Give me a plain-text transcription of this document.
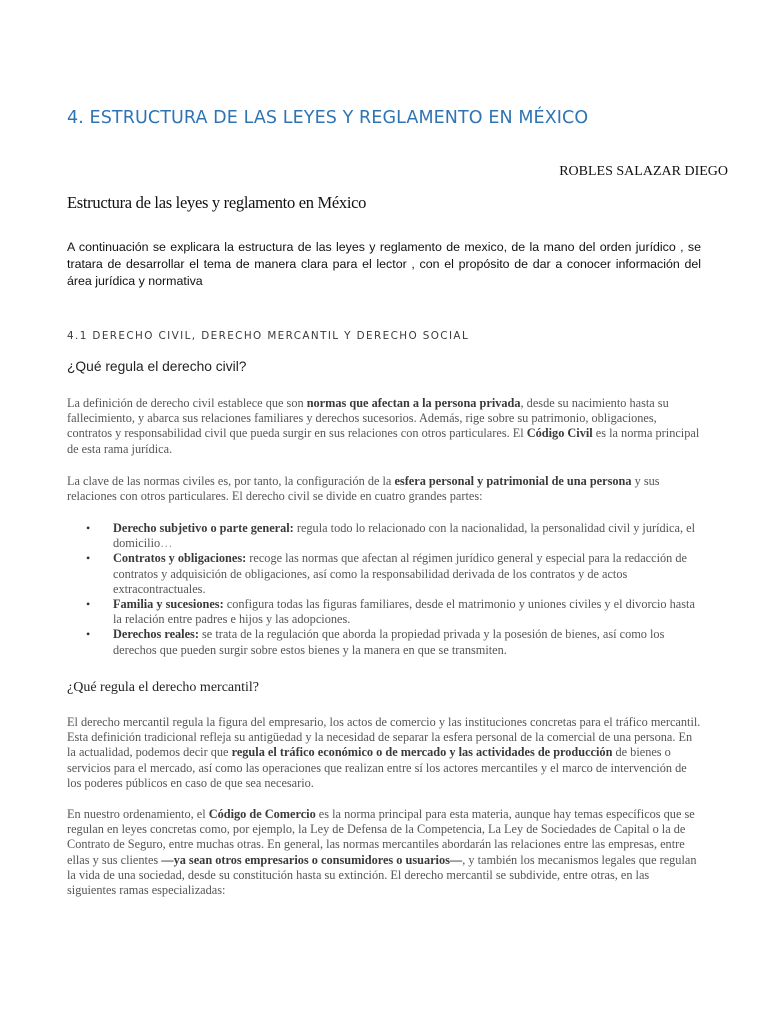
4. ESTRUCTURA DE LAS LEYES Y REGLAMENTO EN MÉXICO
ROBLES SALAZAR DIEGO
Estructura de las leyes y reglamento en México

A continuación se explicara la estructura de las leyes y reglamento de mexico, de la mano del orden jurídico , se tratara de desarrollar el tema de manera clara para el lector , con el propósito de dar a conocer información del área jurídica y normativa

4.1 DERECHO CIVIL, DERECHO MERCANTIL Y DERECHO SOCIAL
¿Qué regula el derecho civil?

La definición de derecho civil establece que son normas que afectan a la persona privada, desde su nacimiento hasta su fallecimiento, y abarca sus relaciones familiares y derechos sucesorios. Además, rige sobre su patrimonio, obligaciones, contratos y responsabilidad civil que pueda surgir en sus relaciones con otros particulares. El Código Civil es la norma principal de esta rama jurídica.

La clave de las normas civiles es, por tanto, la configuración de la esfera personal y patrimonial de una persona y sus relaciones con otros particulares. El derecho civil se divide en cuatro grandes partes:

• Derecho subjetivo o parte general: regula todo lo relacionado con la nacionalidad, la personalidad civil y jurídica, el domicilio…
• Contratos y obligaciones: recoge las normas que afectan al régimen jurídico general y especial para la redacción de contratos y adquisición de obligaciones, así como la responsabilidad derivada de los contratos y de actos extracontractuales.
• Familia y sucesiones: configura todas las figuras familiares, desde el matrimonio y uniones civiles y el divorcio hasta la relación entre padres e hijos y las adopciones.
• Derechos reales: se trata de la regulación que aborda la propiedad privada y la posesión de bienes, así como los derechos que pueden surgir sobre estos bienes y la manera en que se transmiten.
¿Qué regula el derecho mercantil?

El derecho mercantil regula la figura del empresario, los actos de comercio y las instituciones concretas para el tráfico mercantil. Esta definición tradicional refleja su antigüedad y la necesidad de separar la esfera personal de la comercial de una persona. En la actualidad, podemos decir que regula el tráfico económico o de mercado y las actividades de producción de bienes o servicios para el mercado, así como las operaciones que realizan entre sí los actores mercantiles y el marco de intervención de los poderes públicos en caso de que sea necesario.

En nuestro ordenamiento, el Código de Comercio es la norma principal para esta materia, aunque hay temas específicos que se regulan en leyes concretas como, por ejemplo, la Ley de Defensa de la Competencia, La Ley de Sociedades de Capital o la de Contrato de Seguro, entre muchas otras. En general, las normas mercantiles abordarán las relaciones entre las empresas, entre ellas y sus clientes —ya sean otros empresarios o consumidores o usuarios—, y también los mecanismos legales que regulan la vida de una sociedad, desde su constitución hasta su extinción. El derecho mercantil se subdivide, entre otras, en las siguientes ramas especializadas:
